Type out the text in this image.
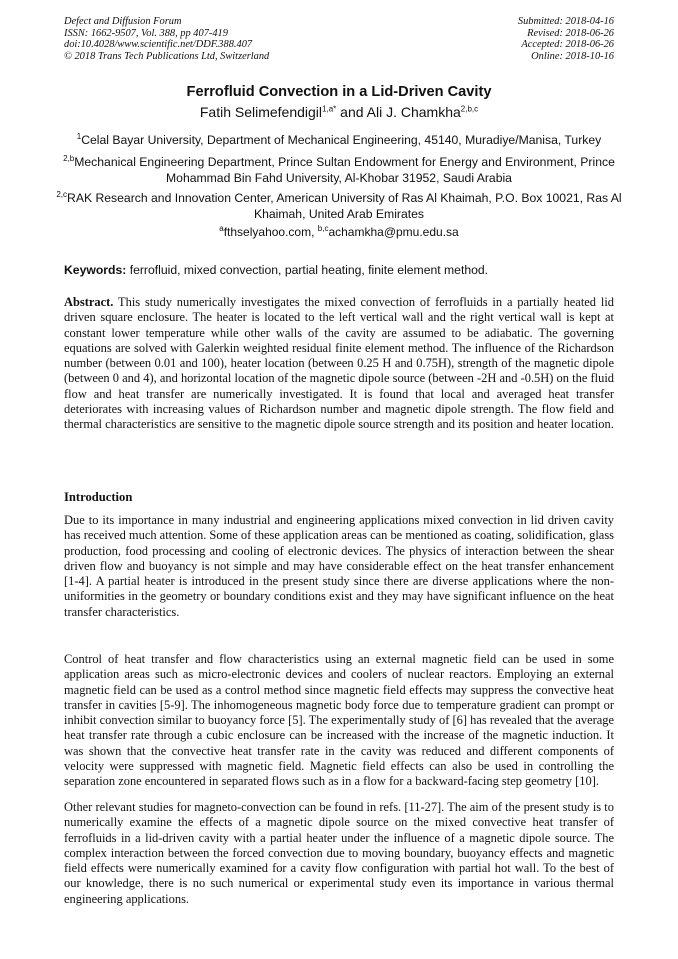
Defect and Diffusion Forum
ISSN: 1662-9507, Vol. 388, pp 407-419
doi:10.4028/www.scientific.net/DDF.388.407
© 2018 Trans Tech Publications Ltd, Switzerland
Submitted: 2018-04-16
Revised: 2018-06-26
Accepted: 2018-06-26
Online: 2018-10-16
Ferrofluid Convection in a Lid-Driven Cavity
Fatih Selimefendigil$^{1,a*}$ and Ali J. Chamkha$^{2,b,c}$
$^1$Celal Bayar University, Department of Mechanical Engineering, 45140, Muradiye/Manisa, Turkey
$^{2,b}$Mechanical Engineering Department, Prince Sultan Endowment for Energy and Environment, Prince Mohammad Bin Fahd University, Al-Khobar 31952, Saudi Arabia
$^{2,c}$RAK Research and Innovation Center, American University of Ras Al Khaimah, P.O. Box 10021, Ras Al Khaimah, United Arab Emirates
$^a$fthselyahoo.com, $^{b,c}$achamkha@pmu.edu.sa
Keywords: ferrofluid, mixed convection, partial heating, finite element method.

Abstract. This study numerically investigates the mixed convection of ferrofluids in a partially heated lid driven square enclosure. The heater is located to the left vertical wall and the right vertical wall is kept at constant lower temperature while other walls of the cavity are assumed to be adiabatic. The governing equations are solved with Galerkin weighted residual finite element method. The influence of the Richardson number (between 0.01 and 100), heater location (between 0.25 H and 0.75H), strength of the magnetic dipole (between 0 and 4), and horizontal location of the magnetic dipole source (between -2H and -0.5H) on the fluid flow and heat transfer are numerically investigated. It is found that local and averaged heat transfer deteriorates with increasing values of Richardson number and magnetic dipole strength. The flow field and thermal characteristics are sensitive to the magnetic dipole source strength and its position and heater location.

Introduction

Due to its importance in many industrial and engineering applications mixed convection in lid driven cavity has received much attention. Some of these application areas can be mentioned as coating, solidification, glass production, food processing and cooling of electronic devices. The physics of interaction between the shear driven flow and buoyancy is not simple and may have considerable effect on the heat transfer enhancement [1-4]. A partial heater is introduced in the present study since there are diverse applications where the non-uniformities in the geometry or boundary conditions exist and they may have significant influence on the heat transfer characteristics.

Control of heat transfer and flow characteristics using an external magnetic field can be used in some application areas such as micro-electronic devices and coolers of nuclear reactors. Employing an external magnetic field can be used as a control method since magnetic field effects may suppress the convective heat transfer in cavities [5-9]. The inhomogeneous magnetic body force due to temperature gradient can prompt or inhibit convection similar to buoyancy force [5]. The experimentally study of [6] has revealed that the average heat transfer rate through a cubic enclosure can be increased with the increase of the magnetic induction. It was shown that the convective heat transfer rate in the cavity was reduced and different components of velocity were suppressed with magnetic field. Magnetic field effects can also be used in controlling the separation zone encountered in separated flows such as in a flow for a backward-facing step geometry [10].

Other relevant studies for magneto-convection can be found in refs. [11-27]. The aim of the present study is to numerically examine the effects of a magnetic dipole source on the mixed convective heat transfer of ferrofluids in a lid-driven cavity with a partial heater under the influence of a magnetic dipole source. The complex interaction between the forced convection due to moving boundary, buoyancy effects and magnetic field effects were numerically examined for a cavity flow configuration with partial hot wall. To the best of our knowledge, there is no such numerical or experimental study even its importance in various thermal engineering applications.
